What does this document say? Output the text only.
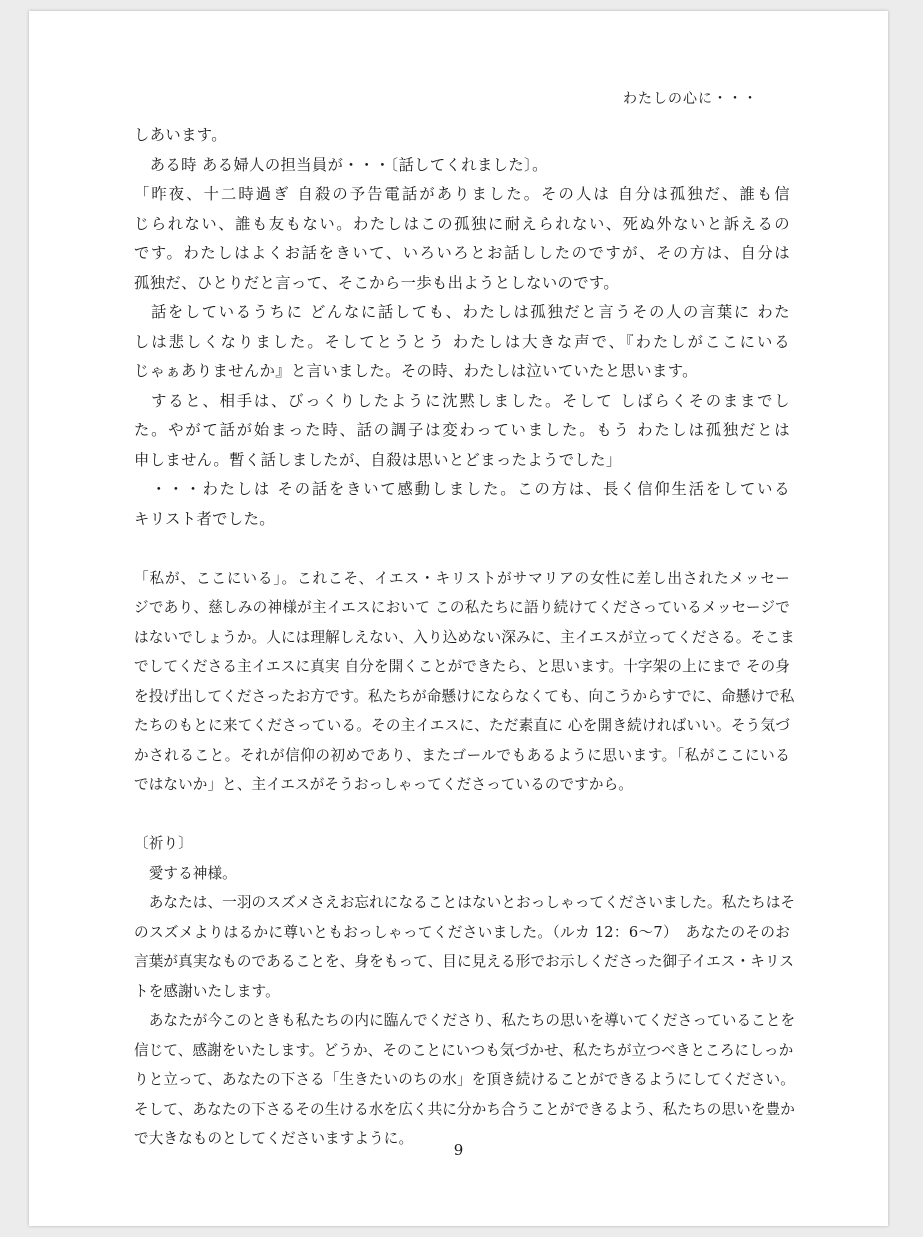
わたしの心に・・・
しあいます。
　ある時 ある婦人の担当員が・・・〔話してくれました〕。
「昨夜、十二時過ぎ 自殺の予告電話がありました。その人は 自分は孤独だ、誰も信
じられない、誰も友もない。わたしはこの孤独に耐えられない、死ぬ外ないと訴えるの
です。わたしはよくお話をきいて、いろいろとお話ししたのですが、その方は、自分は
孤独だ、ひとりだと言って、そこから一歩も出ようとしないのです。
　話をしているうちに どんなに話しても、わたしは孤独だと言うその人の言葉に わた
しは悲しくなりました。そしてとうとう わたしは大きな声で、『わたしがここにいる
じゃぁありませんか』と言いました。その時、わたしは泣いていたと思います。
　すると、相手は、びっくりしたように沈黙しました。そして しばらくそのままでし
た。やがて話が始まった時、話の調子は変わっていました。もう わたしは孤独だとは
申しません。暫く話しましたが、自殺は思いとどまったようでした」
　・・・わたしは その話をきいて感動しました。この方は、長く信仰生活をしている
キリスト者でした。
「私が、ここにいる」。これこそ、イエス・キリストがサマリアの女性に差し出されたメッセー
ジであり、慈しみの神様が主イエスにおいて この私たちに語り続けてくださっているメッセージで
はないでしょうか。人には理解しえない、入り込めない深みに、主イエスが立ってくださる。そこま
でしてくださる主イエスに真実 自分を開くことができたら、と思います。十字架の上にまで その身
を投げ出してくださったお方です。私たちが命懸けにならなくても、向こうからすでに、命懸けで私
たちのもとに来てくださっている。その主イエスに、ただ素直に 心を開き続ければいい。そう気づ
かされること。それが信仰の初めであり、またゴールでもあるように思います。「私がここにいる
ではないか」と、主イエスがそうおっしゃってくださっているのですから。
〔祈り〕
　愛する神様。
　あなたは、一羽のスズメさえお忘れになることはないとおっしゃってくださいました。私たちはそ
のスズメよりはるかに尊いともおっしゃってくださいました。（ルカ 12：6〜7）　あなたのそのお
言葉が真実なものであることを、身をもって、目に見える形でお示しくださった御子イエス・キリス
トを感謝いたします。
　あなたが今このときも私たちの内に臨んでくださり、私たちの思いを導いてくださっていることを
信じて、感謝をいたします。どうか、そのことにいつも気づかせ、私たちが立つべきところにしっか
りと立って、あなたの下さる「生きたいのちの水」を頂き続けることができるようにしてください。
そして、あなたの下さるその生ける水を広く共に分かち合うことができるよう、私たちの思いを豊か
で大きなものとしてくださいますように。
9
